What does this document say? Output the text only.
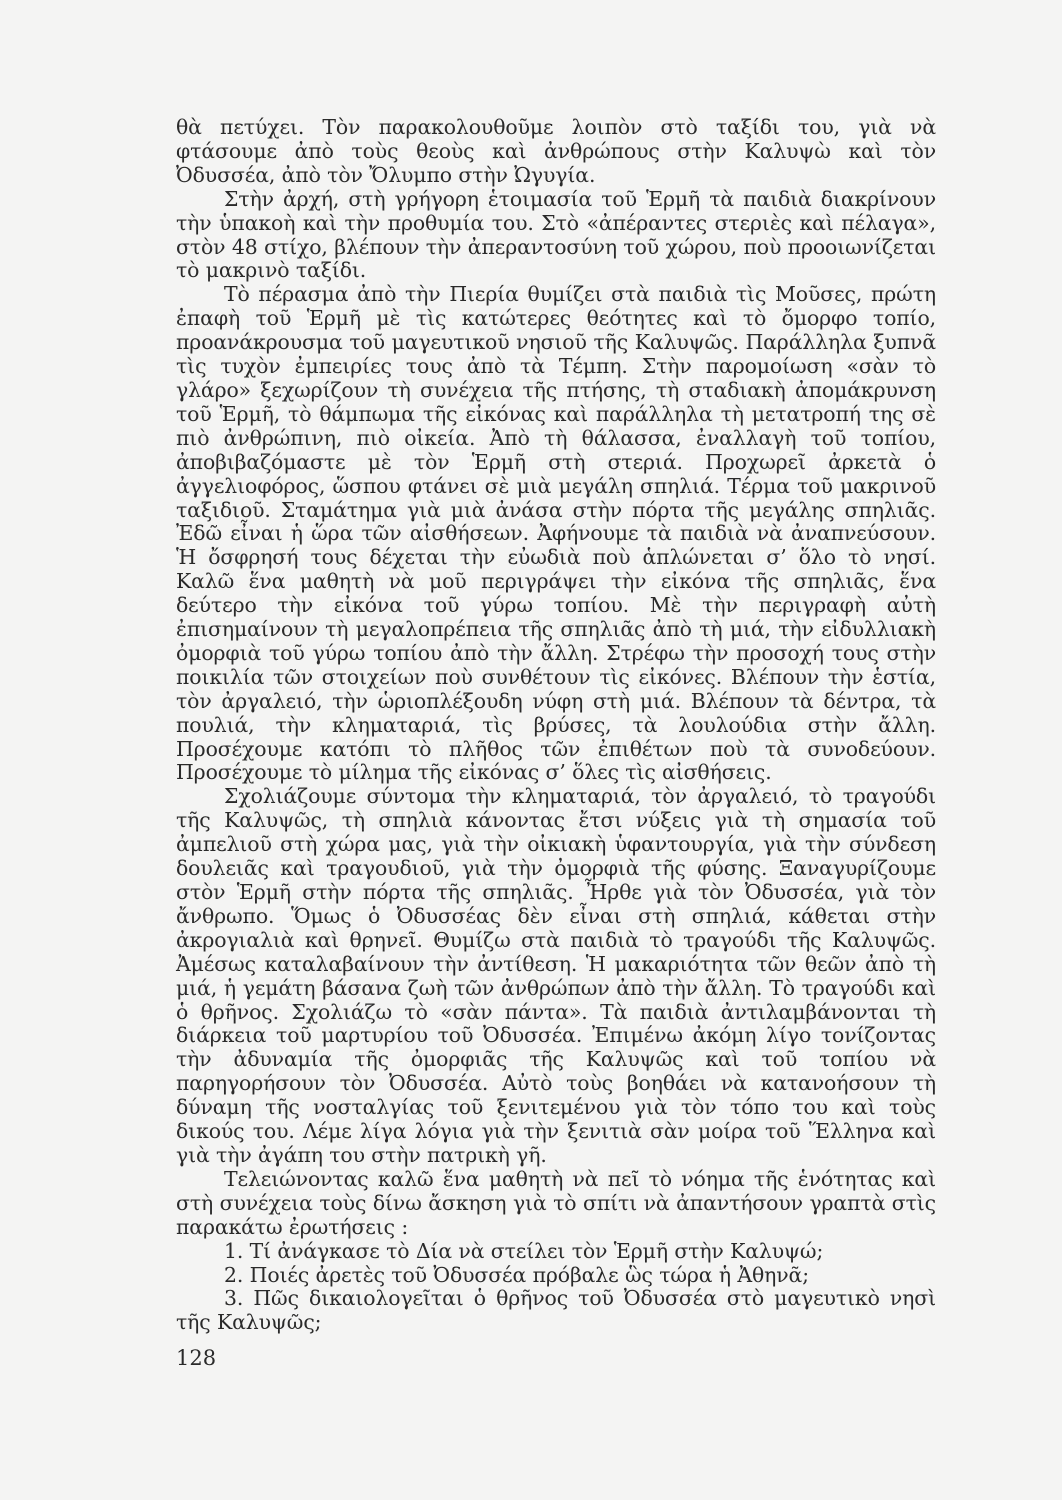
θὰ πετύχει. Τὸν παρακολουθοῦμε λοιπὸν στὸ ταξίδι του, γιὰ νὰ φτάσουμε ἀπὸ τοὺς θεοὺς καὶ ἀνθρώπους στὴν Καλυψὼ καὶ τὸν Ὀδυσσέα, ἀπὸ τὸν Ὄλυμπο στὴν Ὠγυγία.

Στὴν ἀρχή, στὴ γρήγορη ἑτοιμασία τοῦ Ἑρμῆ τὰ παιδιὰ διακρίνουν τὴν ὑπακοὴ καὶ τὴν προθυμία του. Στὸ «ἀπέραντες στεριὲς καὶ πέλαγα», στὸν 48 στίχο, βλέπουν τὴν ἀπεραντοσύνη τοῦ χώρου, ποὺ προοιωνίζεται τὸ μακρινὸ ταξίδι.

Τὸ πέρασμα ἀπὸ τὴν Πιερία θυμίζει στὰ παιδιὰ τὶς Μοῦσες, πρώτη ἐπαφὴ τοῦ Ἑρμῆ μὲ τὶς κατώτερες θεότητες καὶ τὸ ὄμορφο τοπίο, προανάκρουσμα τοῦ μαγευτικοῦ νησιοῦ τῆς Καλυψῶς. Παράλληλα ξυπνᾶ τὶς τυχὸν ἐμπειρίες τους ἀπὸ τὰ Τέμπη. Στὴν παρομοίωση «σὰν τὸ γλάρο» ξεχωρίζουν τὴ συνέχεια τῆς πτήσης, τὴ σταδιακὴ ἀπομάκρυνση τοῦ Ἑρμῆ, τὸ θάμπωμα τῆς εἰκόνας καὶ παράλληλα τὴ μετατροπή της σὲ πιὸ ἀνθρώπινη, πιὸ οἰκεία. Ἀπὸ τὴ θάλασσα, ἐναλλαγὴ τοῦ τοπίου, ἀποβιβαζόμαστε μὲ τὸν Ἑρμῆ στὴ στεριά. Προχωρεῖ ἀρκετὰ ὁ ἀγγελιοφόρος, ὥσπου φτάνει σὲ μιὰ μεγάλη σπηλιά. Τέρμα τοῦ μακρινοῦ ταξιδιοῦ. Σταμάτημα γιὰ μιὰ ἀνάσα στὴν πόρτα τῆς μεγάλης σπηλιᾶς. Ἐδῶ εἶναι ἡ ὥρα τῶν αἰσθήσεων. Ἀφήνουμε τὰ παιδιὰ νὰ ἀναπνεύσουν. Ἡ ὄσφρησή τους δέχεται τὴν εὐωδιὰ ποὺ ἁπλώνεται σ’ ὅλο τὸ νησί. Καλῶ ἕνα μαθητὴ νὰ μοῦ περιγράψει τὴν εἰκόνα τῆς σπηλιᾶς, ἕνα δεύτερο τὴν εἰκόνα τοῦ γύρω τοπίου. Μὲ τὴν περιγραφὴ αὐτὴ ἐπισημαίνουν τὴ μεγαλοπρέπεια τῆς σπηλιᾶς ἀπὸ τὴ μιά, τὴν εἰδυλλιακὴ ὀμορφιὰ τοῦ γύρω τοπίου ἀπὸ τὴν ἄλλη. Στρέφω τὴν προσοχή τους στὴν ποικιλία τῶν στοιχείων ποὺ συνθέτουν τὶς εἰκόνες. Βλέπουν τὴν ἑστία, τὸν ἀργαλειό, τὴν ὡριοπλέξουδη νύφη στὴ μιά. Βλέπουν τὰ δέντρα, τὰ πουλιά, τὴν κληματαριά, τὶς βρύσες, τὰ λουλούδια στὴν ἄλλη. Προσέχουμε κατόπι τὸ πλῆθος τῶν ἐπιθέτων ποὺ τὰ συνοδεύουν. Προσέχουμε τὸ μίλημα τῆς εἰκόνας σ’ ὅλες τὶς αἰσθήσεις.

Σχολιάζουμε σύντομα τὴν κληματαριά, τὸν ἀργαλειό, τὸ τραγούδι τῆς Καλυψῶς, τὴ σπηλιὰ κάνοντας ἔτσι νύξεις γιὰ τὴ σημασία τοῦ ἀμπελιοῦ στὴ χώρα μας, γιὰ τὴν οἰκιακὴ ὑφαντουργία, γιὰ τὴν σύνδεση δουλειᾶς καὶ τραγουδιοῦ, γιὰ τὴν ὀμορφιὰ τῆς φύσης. Ξαναγυρίζουμε στὸν Ἑρμῆ στὴν πόρτα τῆς σπηλιᾶς. Ἦρθε γιὰ τὸν Ὀδυσσέα, γιὰ τὸν ἄνθρωπο. Ὅμως ὁ Ὀδυσσέας δὲν εἶναι στὴ σπηλιά, κάθεται στὴν ἀκρογιαλιὰ καὶ θρηνεῖ. Θυμίζω στὰ παιδιὰ τὸ τραγούδι τῆς Καλυψῶς. Ἀμέσως καταλαβαίνουν τὴν ἀντίθεση. Ἡ μακαριότητα τῶν θεῶν ἀπὸ τὴ μιά, ἡ γεμάτη βάσανα ζωὴ τῶν ἀνθρώπων ἀπὸ τὴν ἄλλη. Τὸ τραγούδι καὶ ὁ θρῆνος. Σχολιάζω τὸ «σὰν πάντα». Τὰ παιδιὰ ἀντιλαμβάνονται τὴ διάρκεια τοῦ μαρτυρίου τοῦ Ὀδυσσέα. Ἐπιμένω ἀκόμη λίγο τονίζοντας τὴν ἀδυναμία τῆς ὀμορφιᾶς τῆς Καλυψῶς καὶ τοῦ τοπίου νὰ παρηγορήσουν τὸν Ὀδυσσέα. Αὐτὸ τοὺς βοηθάει νὰ κατανοήσουν τὴ δύναμη τῆς νοσταλγίας τοῦ ξενιτεμένου γιὰ τὸν τόπο του καὶ τοὺς δικούς του. Λέμε λίγα λόγια γιὰ τὴν ξενιτιὰ σὰν μοίρα τοῦ Ἕλληνα καὶ γιὰ τὴν ἀγάπη του στὴν πατρικὴ γῆ.

Τελειώνοντας καλῶ ἕνα μαθητὴ νὰ πεῖ τὸ νόημα τῆς ἑνότητας καὶ στὴ συνέχεια τοὺς δίνω ἄσκηση γιὰ τὸ σπίτι νὰ ἀπαντήσουν γραπτὰ στὶς παρακάτω ἐρωτήσεις :

1. Τί ἀνάγκασε τὸ Δία νὰ στείλει τὸν Ἑρμῆ στὴν Καλυψώ;

2. Ποιές ἀρετὲς τοῦ Ὀδυσσέα πρόβαλε ὣς τώρα ἡ Ἀθηνᾶ;

3. Πῶς δικαιολογεῖται ὁ θρῆνος τοῦ Ὀδυσσέα στὸ μαγευτικὸ νησὶ τῆς Καλυψῶς;

128
